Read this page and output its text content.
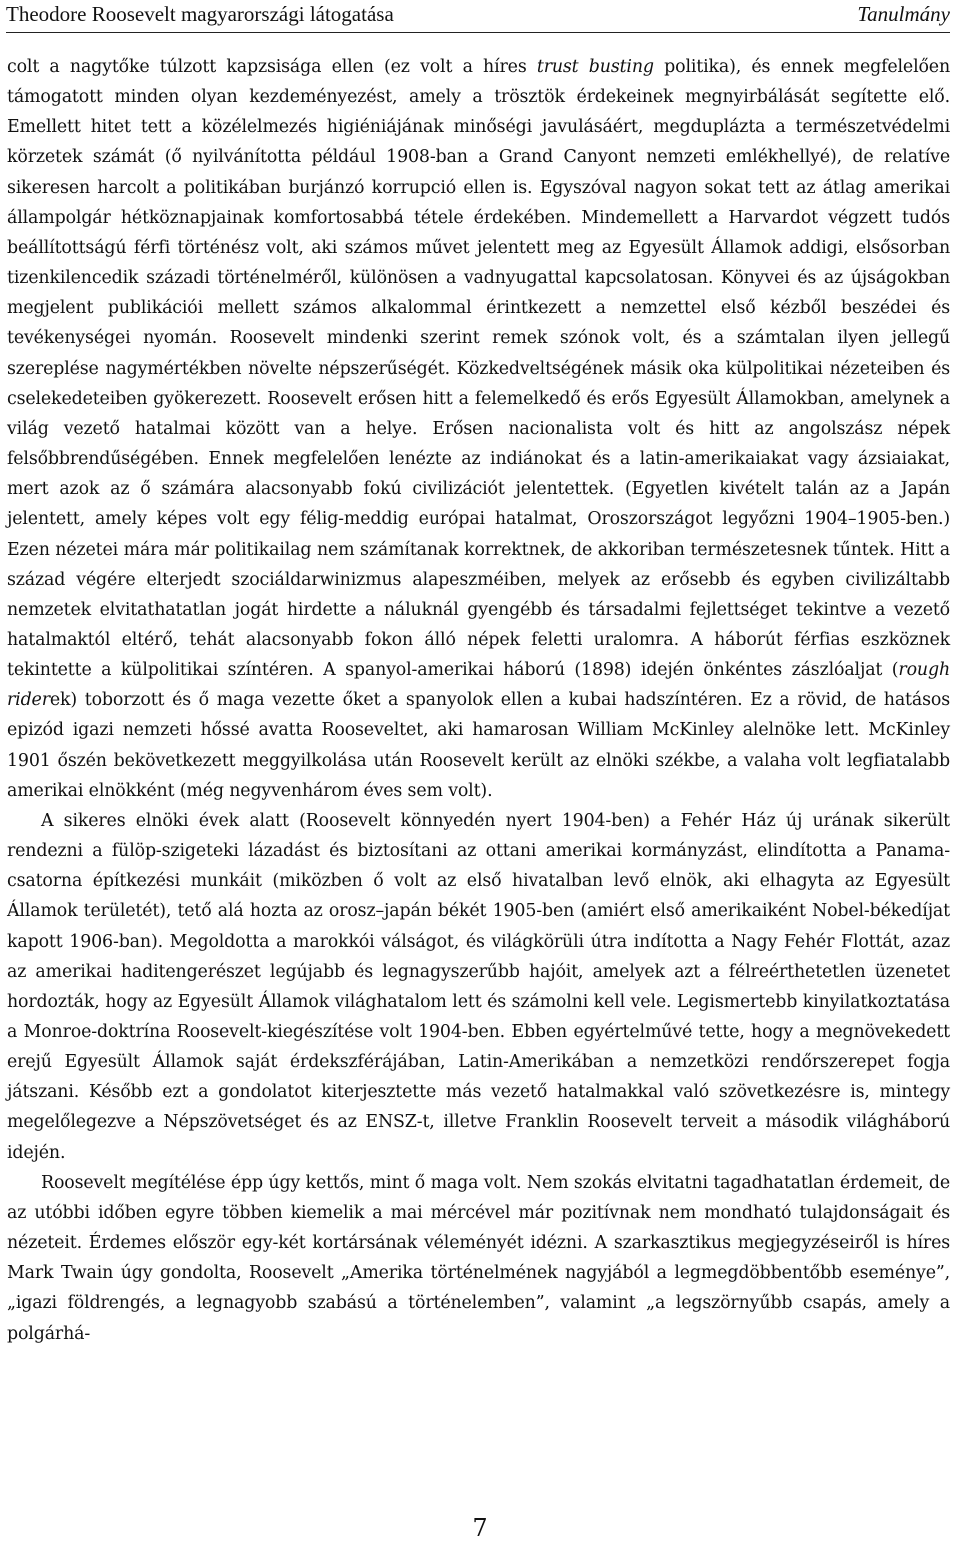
Theodore Roosevelt magyarországi látogatása	Tanulmány

colt a nagytőke túlzott kapzsisága ellen (ez volt a híres trust busting politika), és ennek megfelelően támogatott minden olyan kezdeményezést, amely a trösztök érdekeinek megnyirbálását segítette elő. Emellett hitet tett a közélelmezés higiéniájának minőségi javulásáért, megduplázta a természetvédelmi körzetek számát (ő nyilvánította például 1908-ban a Grand Canyont nemzeti emlékhellyé), de relatíve sikeresen harcolt a politikában burjánzó korrupció ellen is. Egyszóval nagyon sokat tett az átlag amerikai állampolgár hétköznapjainak komfortosabbá tétele érdekében. Mindemellett a Harvardot végzett tudós beállítottságú férfi történész volt, aki számos művet jelentett meg az Egyesült Államok addigi, elsősorban tizenkilencedik századi történelméről, különösen a vadnyugattal kapcsolatosan. Könyvei és az újságokban megjelent publikációi mellett számos alkalommal érintkezett a nemzettel első kézből beszédei és tevékenységei nyomán. Roosevelt mindenki szerint remek szónok volt, és a számtalan ilyen jellegű szereplése nagymértékben növelte népszerűségét. Közkedveltségének másik oka külpolitikai nézeteiben és cselekedeteiben gyökerezett. Roosevelt erősen hitt a felemelkedő és erős Egyesült Államokban, amelynek a világ vezető hatalmai között van a helye. Erősen nacionalista volt és hitt az angolszász népek felsőbbrendűségében. Ennek megfelelően lenézte az indiánokat és a latin-amerikaiakat vagy ázsiaiakat, mert azok az ő számára alacsonyabb fokú civilizációt jelentettek. (Egyetlen kivételt talán az a Japán jelentett, amely képes volt egy félig-meddig európai hatalmat, Oroszországot legyőzni 1904–1905-ben.) Ezen nézetei mára már politikailag nem számítanak korrektnek, de akkoriban természetesnek tűntek. Hitt a század végére elterjedt szociáldarwinizmus alapeszméiben, melyek az erősebb és egyben civilizáltabb nemzetek elvitathatatlan jogát hirdette a náluknál gyengébb és társadalmi fejlettséget tekintve a vezető hatalmaktól eltérő, tehát alacsonyabb fokon álló népek feletti uralomra. A háborút férfias eszköznek tekintette a külpolitikai színtéren. A spanyol-amerikai háború (1898) idején önkéntes zászlóaljat (rough riderek) toborzott és ő maga vezette őket a spanyolok ellen a kubai hadszíntéren. Ez a rövid, de hatásos epizód igazi nemzeti hőssé avatta Rooseveltet, aki hamarosan William McKinley alelnöke lett. McKinley 1901 őszén bekövetkezett meggyilkolása után Roosevelt került az elnöki székbe, a valaha volt legfiatalabb amerikai elnökként (még negyvenhárom éves sem volt).

A sikeres elnöki évek alatt (Roosevelt könnyedén nyert 1904-ben) a Fehér Ház új urának sikerült rendezni a fülöp-szigeteki lázadást és biztosítani az ottani amerikai kormányzást, elindította a Panama-csatorna építkezési munkáit (miközben ő volt az első hivatalban levő elnök, aki elhagyta az Egyesült Államok területét), tető alá hozta az orosz–japán békét 1905-ben (amiért első amerikaiként Nobel-békedíjat kapott 1906-ban). Megoldotta a marokkói válságot, és világkörüli útra indította a Nagy Fehér Flottát, azaz az amerikai haditengerészet legújabb és legnagyszerűbb hajóit, amelyek azt a félreérthetetlen üzenetet hordozták, hogy az Egyesült Államok világhatalom lett és számolni kell vele. Legismertebb kinyilatkoztatása a Monroe-doktrína Roosevelt-kiegészítése volt 1904-ben. Ebben egyértelművé tette, hogy a megnövekedett erejű Egyesült Államok saját érdekszférájában, Latin-Amerikában a nemzetközi rendőrszerepet fogja játszani. Később ezt a gondolatot kiterjesztette más vezető hatalmakkal való szövetkezésre is, mintegy megelőlegezve a Népszövetséget és az ENSZ-t, illetve Franklin Roosevelt terveit a második világháború idején.

Roosevelt megítélése épp úgy kettős, mint ő maga volt. Nem szokás elvitatni tagadhatatlan érdemeit, de az utóbbi időben egyre többen kiemelik a mai mércével már pozitívnak nem mondható tulajdonságait és nézeteit. Érdemes először egy-két kortársának véleményét idézni. A szarkasztikus megjegyzéseiről is híres Mark Twain úgy gondolta, Roosevelt „Amerika történelmének nagyjából a legmegdöbbentőbb eseménye”, „igazi földrengés, a legnagyobb szabású a történelemben”, valamint „a legszörnyűbb csapás, amely a polgárhá-

7
